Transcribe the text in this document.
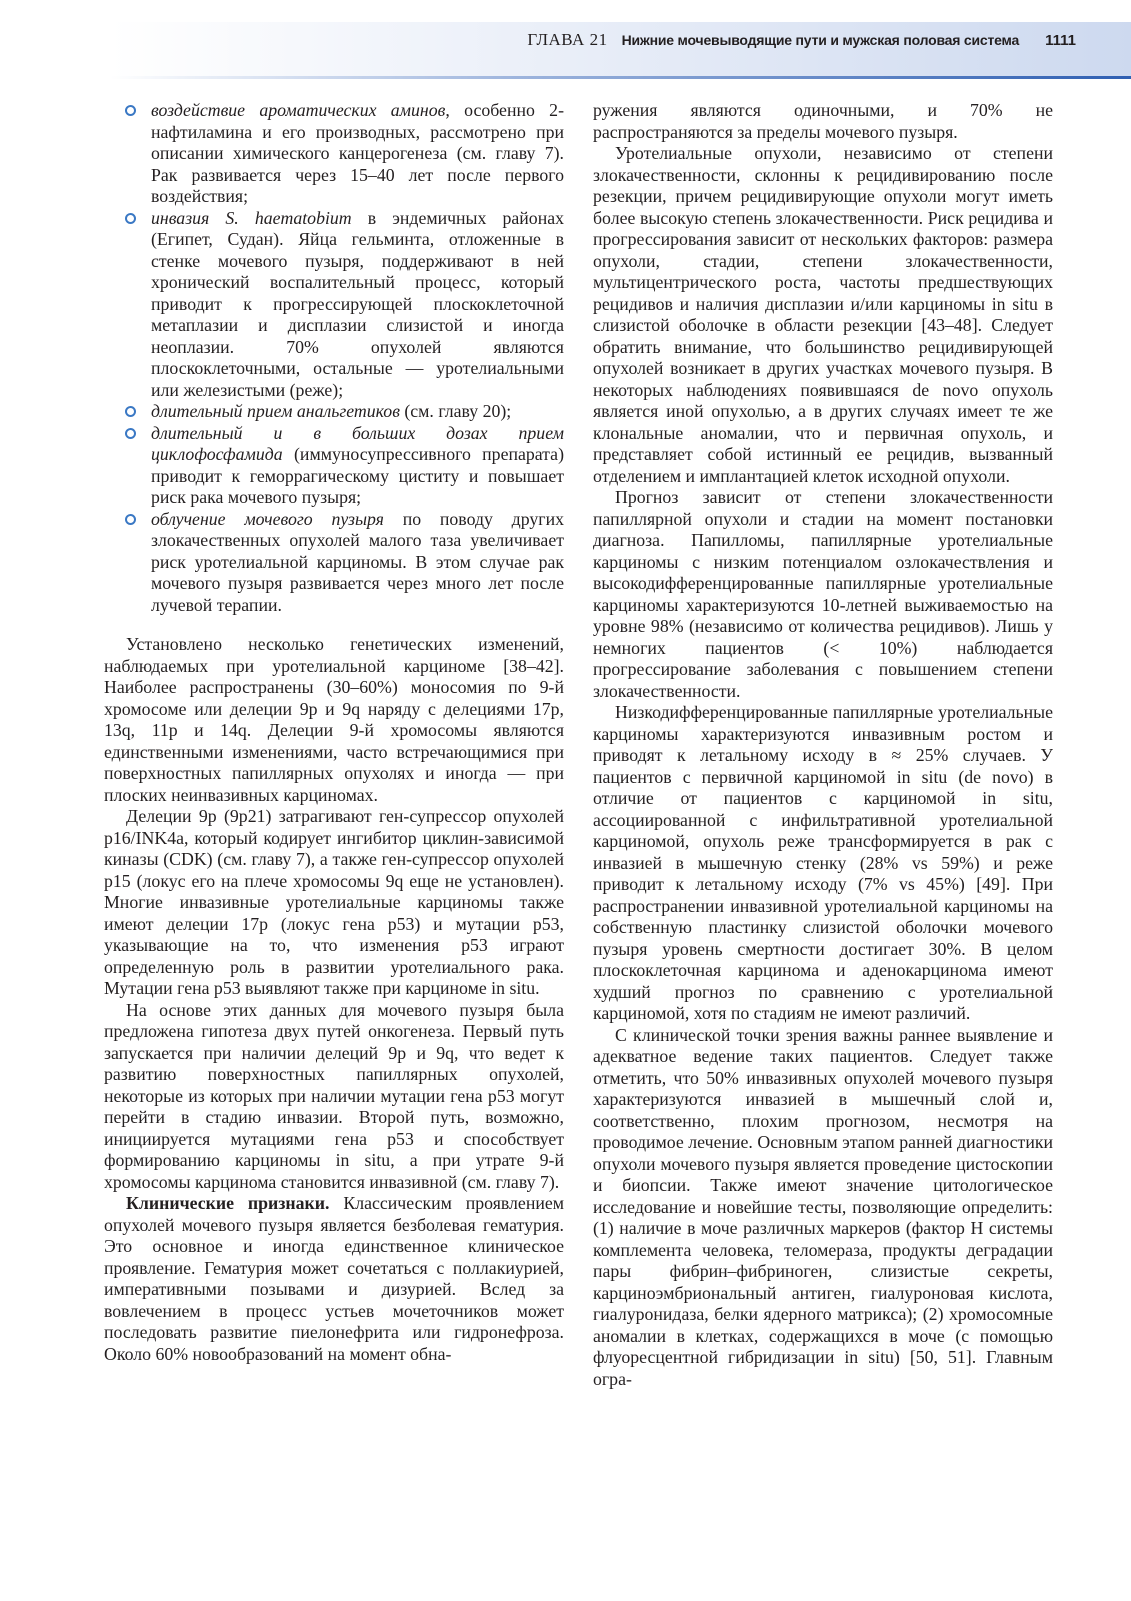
ГЛАВА 21 Нижние мочевыводящие пути и мужская половая система 1111
воздействие ароматических аминов, особенно 2-нафтиламина и его производных, рассмотрено при описании химического канцерогенеза (см. главу 7). Рак развивается через 15–40 лет после первого воздействия;
инвазия S. haematobium в эндемичных районах (Египет, Судан). Яйца гельминта, отложенные в стенке мочевого пузыря, поддерживают в ней хронический воспалительный процесс, который приводит к прогрессирующей плоскоклеточной метаплазии и дисплазии слизистой и иногда неоплазии. 70% опухолей являются плоскоклеточными, остальные — уротелиальными или железистыми (реже);
длительный прием анальгетиков (см. главу 20);
длительный и в больших дозах прием циклофосфамида (иммуносупрессивного препарата) приводит к геморрагическому циститу и повышает риск рака мочевого пузыря;
облучение мочевого пузыря по поводу других злокачественных опухолей малого таза увеличивает риск уротелиальной карциномы. В этом случае рак мочевого пузыря развивается через много лет после лучевой терапии.

Установлено несколько генетических изменений, наблюдаемых при уротелиальной карциноме [38–42]. Наиболее распространены (30–60%) моносомия по 9-й хромосоме или делеции 9p и 9q наряду с делециями 17p, 13q, 11p и 14q. Делеции 9-й хромосомы являются единственными изменениями, часто встречающимися при поверхностных папиллярных опухолях и иногда — при плоских неинвазивных карциномах.

Делеции 9p (9p21) затрагивают ген-супрессор опухолей p16/INK4a, который кодирует ингибитор циклин-зависимой киназы (CDK) (см. главу 7), а также ген-супрессор опухолей p15 (локус его на плече хромосомы 9q еще не установлен). Многие инвазивные уротелиальные карциномы также имеют делеции 17p (локус гена p53) и мутации p53, указывающие на то, что изменения p53 играют определенную роль в развитии уротелиального рака. Мутации гена p53 выявляют также при карциноме in situ.

На основе этих данных для мочевого пузыря была предложена гипотеза двух путей онкогенеза. Первый путь запускается при наличии делеций 9p и 9q, что ведет к развитию поверхностных папиллярных опухолей, некоторые из которых при наличии мутации гена p53 могут перейти в стадию инвазии. Второй путь, возможно, инициируется мутациями гена p53 и способствует формированию карциномы in situ, а при утрате 9-й хромосомы карцинома становится инвазивной (см. главу 7).

Клинические признаки. Классическим проявлением опухолей мочевого пузыря является безболевая гематурия. Это основное и иногда единственное клиническое проявление. Гематурия может сочетаться с поллакиурией, императивными позывами и дизурией. Вслед за вовлечением в процесс устьев мочеточников может последовать развитие пиелонефрита или гидронефроза. Около 60% новообразований на момент обна-

ружения являются одиночными, и 70% не распространяются за пределы мочевого пузыря.

Уротелиальные опухоли, независимо от степени злокачественности, склонны к рецидивированию после резекции, причем рецидивирующие опухоли могут иметь более высокую степень злокачественности. Риск рецидива и прогрессирования зависит от нескольких факторов: размера опухоли, стадии, степени злокачественности, мультицентрического роста, частоты предшествующих рецидивов и наличия дисплазии и/или карциномы in situ в слизистой оболочке в области резекции [43–48]. Следует обратить внимание, что большинство рецидивирующей опухолей возникает в других участках мочевого пузыря. В некоторых наблюдениях появившаяся de novo опухоль является иной опухолью, а в других случаях имеет те же клональные аномалии, что и первичная опухоль, и представляет собой истинный ее рецидив, вызванный отделением и имплантацией клеток исходной опухоли.

Прогноз зависит от степени злокачественности папиллярной опухоли и стадии на момент постановки диагноза. Папилломы, папиллярные уротелиальные карциномы с низким потенциалом озлокачествления и высокодифференцированные папиллярные уротелиальные карциномы характеризуются 10-летней выживаемостью на уровне 98% (независимо от количества рецидивов). Лишь у немногих пациентов (< 10%) наблюдается прогрессирование заболевания с повышением степени злокачественности.

Низкодифференцированные папиллярные уротелиальные карциномы характеризуются инвазивным ростом и приводят к летальному исходу в ≈ 25% случаев. У пациентов с первичной карциномой in situ (de novo) в отличие от пациентов с карциномой in situ, ассоциированной с инфильтративной уротелиальной карциномой, опухоль реже трансформируется в рак с инвазией в мышечную стенку (28% vs 59%) и реже приводит к летальному исходу (7% vs 45%) [49]. При распространении инвазивной уротелиальной карциномы на собственную пластинку слизистой оболочки мочевого пузыря уровень смертности достигает 30%. В целом плоскоклеточная карцинома и аденокарцинома имеют худший прогноз по сравнению с уротелиальной карциномой, хотя по стадиям не имеют различий.

С клинической точки зрения важны раннее выявление и адекватное ведение таких пациентов. Следует также отметить, что 50% инвазивных опухолей мочевого пузыря характеризуются инвазией в мышечный слой и, соответственно, плохим прогнозом, несмотря на проводимое лечение. Основным этапом ранней диагностики опухоли мочевого пузыря является проведение цистоскопии и биопсии. Также имеют значение цитологическое исследование и новейшие тесты, позволяющие определить: (1) наличие в моче различных маркеров (фактор H системы комплемента человека, теломераза, продукты деградации пары фибрин–фибриноген, слизистые секреты, карциноэмбриональный антиген, гиалуроновая кислота, гиалуронидаза, белки ядерного матрикса); (2) хромосомные аномалии в клетках, содержащихся в моче (с помощью флуоресцентной гибридизации in situ) [50, 51]. Главным огра-
